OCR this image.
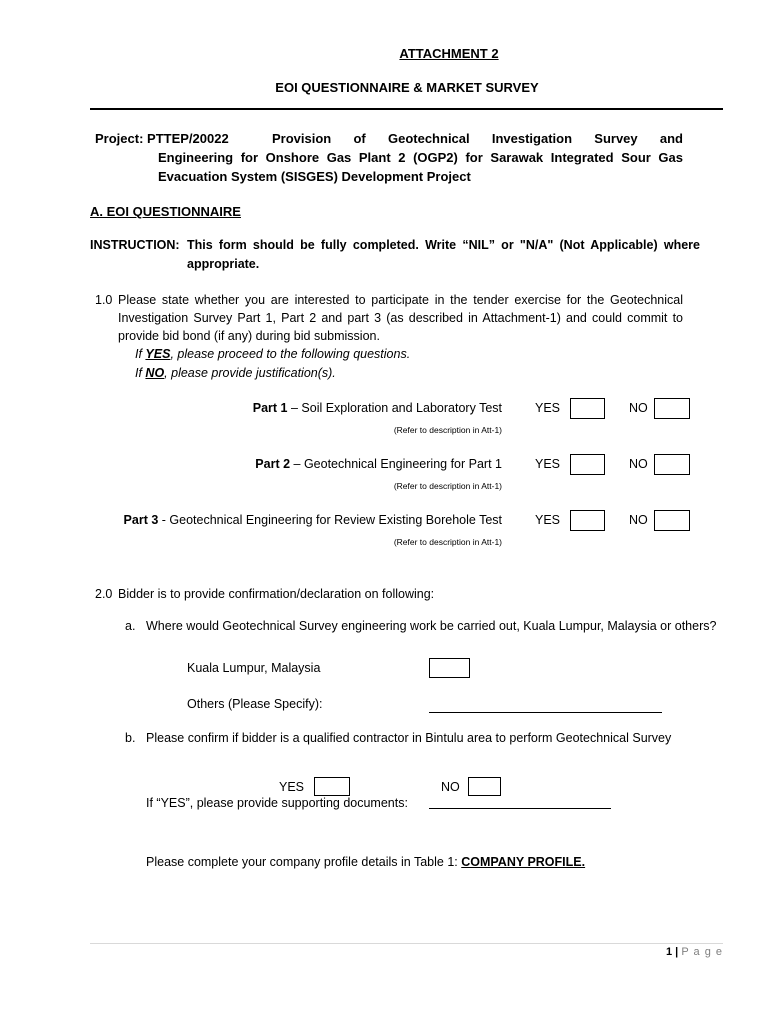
ATTACHMENT 2
EOI QUESTIONNAIRE & MARKET SURVEY
Project: PTTEP/20022	Provision of Geotechnical Investigation Survey and
Engineering for Onshore Gas Plant 2 (OGP2) for Sarawak Integrated Sour Gas
Evacuation System (SISGES) Development Project
A. EOI QUESTIONNAIRE
INSTRUCTION: This form should be fully completed. Write “NIL” or "N/A" (Not Applicable) where
appropriate.
1.0 Please state whether you are interested to participate in the tender exercise for the Geotechnical
Investigation Survey Part 1, Part 2 and part 3 (as described in Attachment-1) and could commit to
provide bid bond (if any) during bid submission.
If YES, please proceed to the following questions.
If NO, please provide justification(s).
Part 1 – Soil Exploration and Laboratory Test
(Refer to description in Att-1)
YES	NO
Part 2 – Geotechnical Engineering for Part 1
(Refer to description in Att-1)
YES	NO
Part 3 - Geotechnical Engineering for Review Existing Borehole Test
(Refer to description in Att-1)
YES	NO
2.0 Bidder is to provide confirmation/declaration on following:
a. Where would Geotechnical Survey engineering work be carried out, Kuala Lumpur, Malaysia or others?
Kuala Lumpur, Malaysia
Others (Please Specify):
b. Please confirm if bidder is a qualified contractor in Bintulu area to perform Geotechnical Survey
YES	NO
If “YES”, please provide supporting documents:
Please complete your company profile details in Table 1: COMPANY PROFILE.
1 | P a g e
